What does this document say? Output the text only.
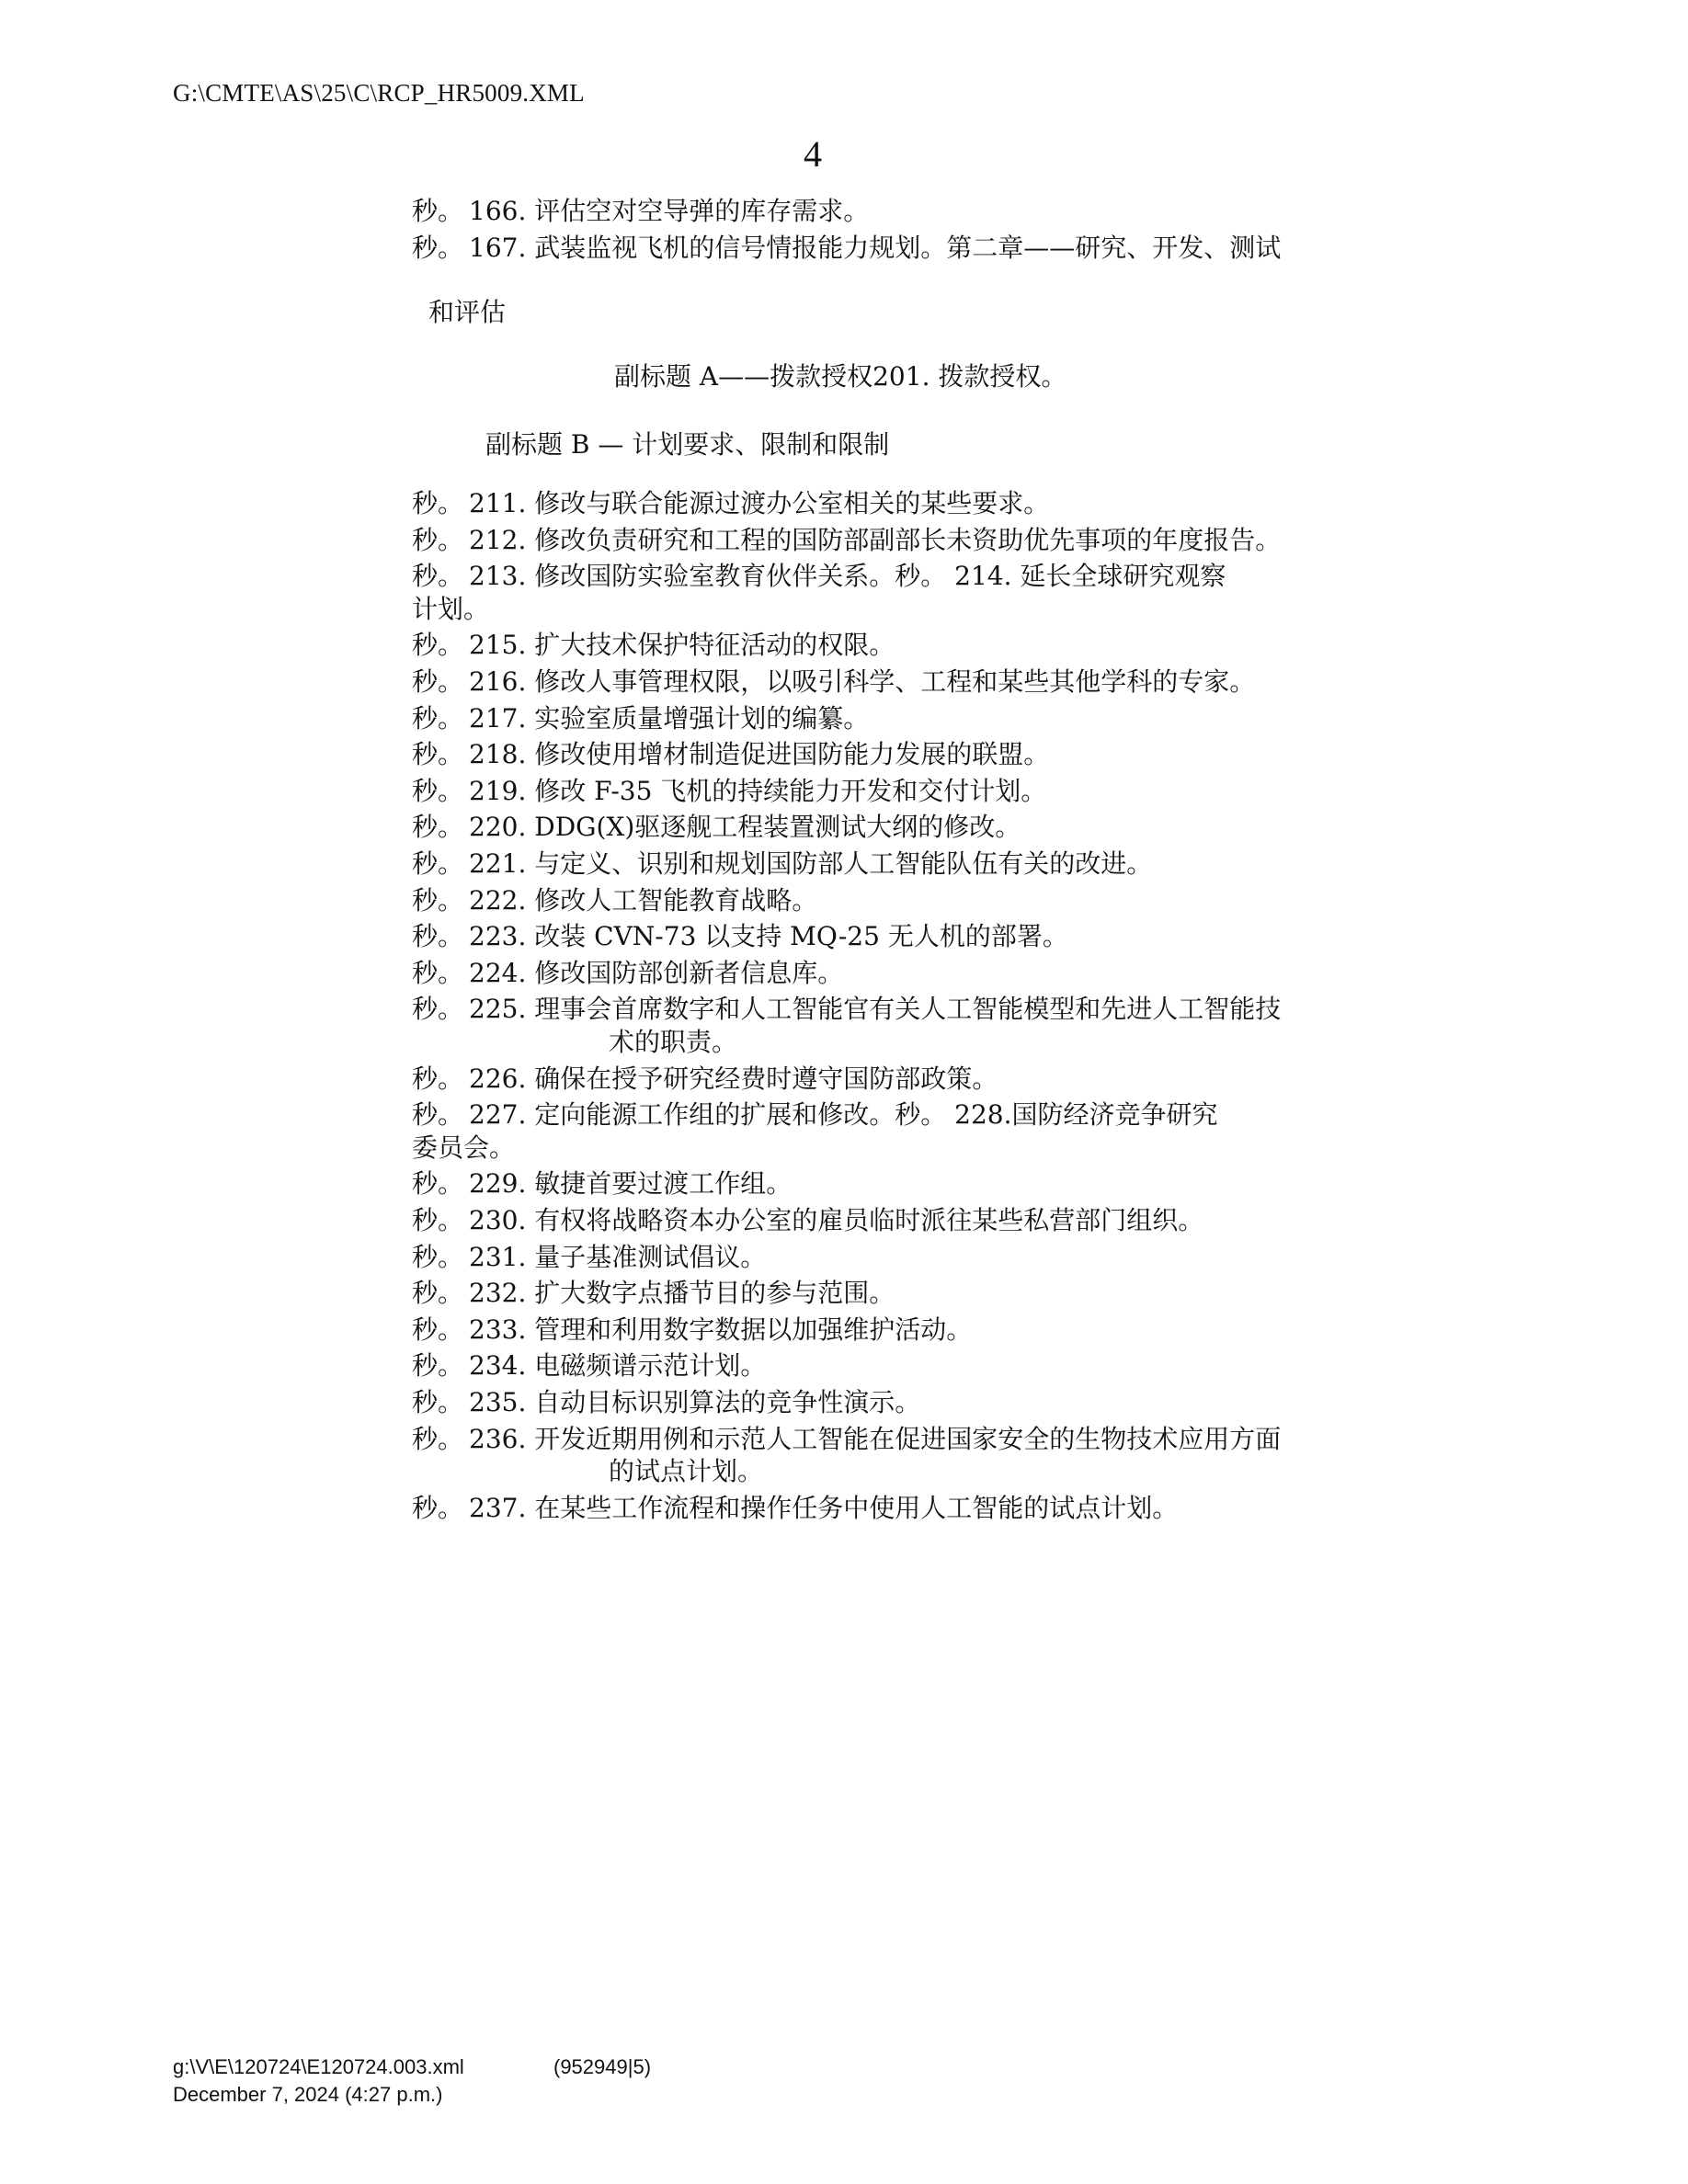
G:\CMTE\AS\25\C\RCP_HR5009.XML
4
秒。 166. 评估空对空导弹的库存需求。
秒。 167. 武装监视飞机的信号情报能力规划。第二章——研究、开发、测试
和评估
副标题 A——拨款授权201. 拨款授权。
副标题 B — 计划要求、限制和限制
秒。 211. 修改与联合能源过渡办公室相关的某些要求。
秒。 212. 修改负责研究和工程的国防部副部长未资助优先事项的年度报告。
秒。 213. 修改国防实验室教育伙伴关系。秒。 214. 延长全球研究观察
计划。
秒。 215. 扩大技术保护特征活动的权限。
秒。 216. 修改人事管理权限，以吸引科学、工程和某些其他学科的专家。
秒。 217. 实验室质量增强计划的编纂。
秒。 218. 修改使用增材制造促进国防能力发展的联盟。
秒。 219. 修改 F-35 飞机的持续能力开发和交付计划。
秒。 220. DDG(X)驱逐舰工程装置测试大纲的修改。
秒。 221. 与定义、识别和规划国防部人工智能队伍有关的改进。
秒。 222. 修改人工智能教育战略。
秒。 223. 改装 CVN-73 以支持 MQ-25 无人机的部署。
秒。 224. 修改国防部创新者信息库。
秒。 225. 理事会首席数字和人工智能官有关人工智能模型和先进人工智能技
术的职责。
秒。 226. 确保在授予研究经费时遵守国防部政策。
秒。 227. 定向能源工作组的扩展和修改。秒。 228.国防经济竞争研究
委员会。
秒。 229. 敏捷首要过渡工作组。
秒。 230. 有权将战略资本办公室的雇员临时派往某些私营部门组织。
秒。 231. 量子基准测试倡议。
秒。 232. 扩大数字点播节目的参与范围。
秒。 233. 管理和利用数字数据以加强维护活动。
秒。 234. 电磁频谱示范计划。
秒。 235. 自动目标识别算法的竞争性演示。
秒。 236. 开发近期用例和示范人工智能在促进国家安全的生物技术应用方面
的试点计划。
秒。 237. 在某些工作流程和操作任务中使用人工智能的试点计划。
g:\V\E\120724\E120724.003.xml	(952949|5)
December 7, 2024 (4:27 p.m.)
